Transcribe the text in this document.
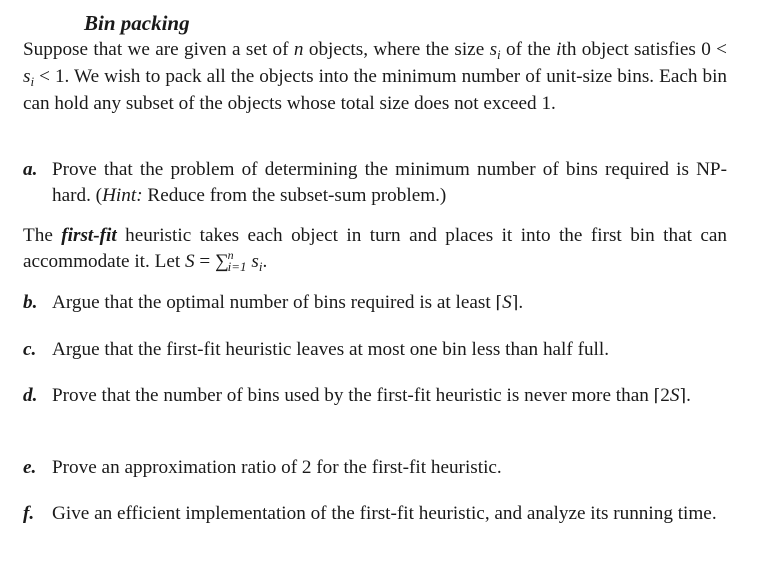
Bin packing
Suppose that we are given a set of n objects, where the size $s_i$ of the ith object satisfies $0 < s_i < 1$. We wish to pack all the objects into the minimum number of unit-size bins. Each bin can hold any subset of the objects whose total size does not exceed 1.
a. Prove that the problem of determining the minimum number of bins required is NP-hard. (Hint: Reduce from the subset-sum problem.)
The first-fit heuristic takes each object in turn and places it into the first bin that can accommodate it. Let S = ∑$^n_{i=1}$ $s_i$.
b. Argue that the optimal number of bins required is at least ⌈S⌉.
c. Argue that the first-fit heuristic leaves at most one bin less than half full.
d. Prove that the number of bins used by the first-fit heuristic is never more than ⌈2S⌉.
e. Prove an approximation ratio of 2 for the first-fit heuristic.
f. Give an efficient implementation of the first-fit heuristic, and analyze its running time.
